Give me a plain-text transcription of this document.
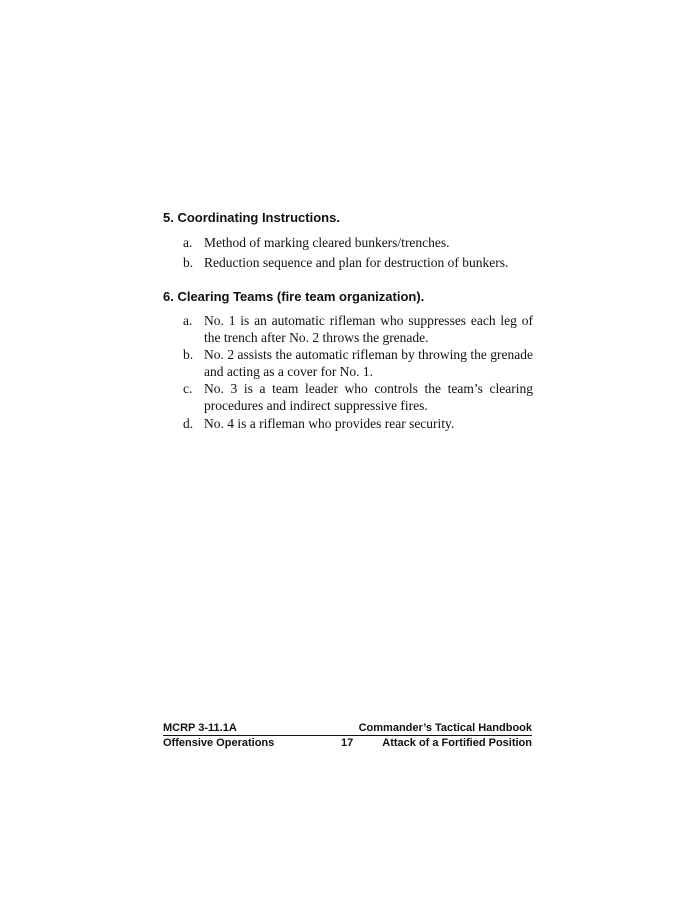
5. Coordinating Instructions.
a. Method of marking cleared bunkers/trenches.
b. Reduction sequence and plan for destruction of bunkers.
6. Clearing Teams (fire team organization).
a. No. 1 is an automatic rifleman who suppresses each leg of the trench after No. 2 throws the grenade.
b. No. 2 assists the automatic rifleman by throwing the grenade and acting as a cover for No. 1.
c. No. 3 is a team leader who controls the team’s clearing procedures and indirect suppressive fires.
d. No. 4 is a rifleman who provides rear security.
MCRP 3-11.1A	Commander’s Tactical Handbook
Offensive Operations	17	Attack of a Fortified Position
